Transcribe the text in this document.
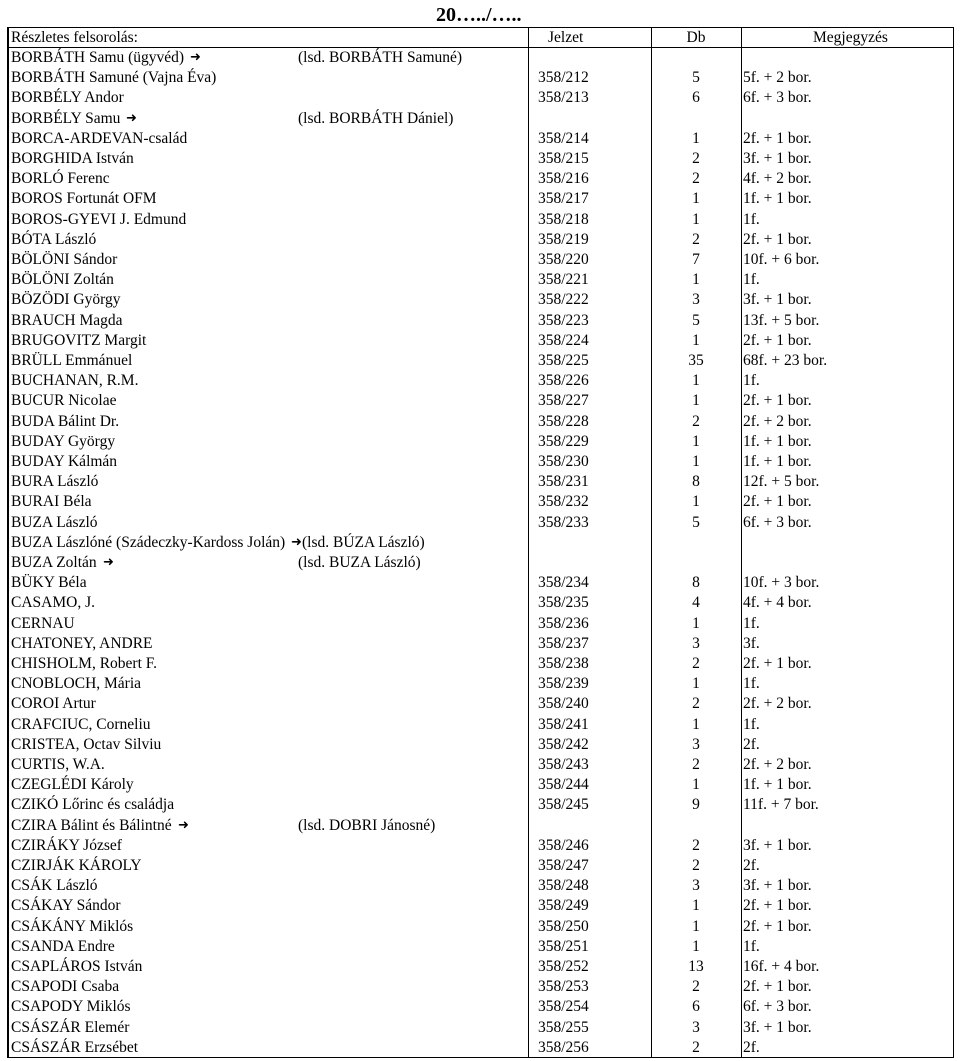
20…../…..
Részletes felsorolás:	Jelzet	Db	Megjegyzés
BORBÁTH Samu (ügyvéd) ➜	(lsd. BORBÁTH Samuné)
BORBÁTH Samuné (Vajna Éva)	358/212	5	5f. + 2 bor.
BORBÉLY Andor	358/213	6	6f. + 3 bor.
BORBÉLY Samu ➜	(lsd. BORBÁTH Dániel)
BORCA-ARDEVAN-család	358/214	1	2f. + 1 bor.
BORGHIDA István	358/215	2	3f. + 1 bor.
BORLÓ Ferenc	358/216	2	4f. + 2 bor.
BOROS Fortunát OFM	358/217	1	1f. + 1 bor.
BOROS-GYEVI J. Edmund	358/218	1	1f.
BÓTA László	358/219	2	2f. + 1 bor.
BÖLÖNI Sándor	358/220	7	10f. + 6 bor.
BÖLÖNI Zoltán	358/221	1	1f.
BÖZÖDI György	358/222	3	3f. + 1 bor.
BRAUCH Magda	358/223	5	13f. + 5 bor.
BRUGOVITZ Margit	358/224	1	2f. + 1 bor.
BRÜLL Emmánuel	358/225	35	68f. + 23 bor.
BUCHANAN, R.M.	358/226	1	1f.
BUCUR Nicolae	358/227	1	2f. + 1 bor.
BUDA Bálint Dr.	358/228	2	2f. + 2 bor.
BUDAY György	358/229	1	1f. + 1 bor.
BUDAY Kálmán	358/230	1	1f. + 1 bor.
BURA László	358/231	8	12f. + 5 bor.
BURAI Béla	358/232	1	2f. + 1 bor.
BUZA László	358/233	5	6f. + 3 bor.
BUZA Lászlóné (Szádeczky-Kardoss Jolán) ➜ (lsd. BÚZA László)
BUZA Zoltán ➜	(lsd. BUZA László)
BÜKY Béla	358/234	8	10f. + 3 bor.
CASAMO, J.	358/235	4	4f. + 4 bor.
CERNAU	358/236	1	1f.
CHATONEY, ANDRE	358/237	3	3f.
CHISHOLM, Robert F.	358/238	2	2f. + 1 bor.
CNOBLOCH, Mária	358/239	1	1f.
COROI Artur	358/240	2	2f. + 2 bor.
CRAFCIUC, Corneliu	358/241	1	1f.
CRISTEA, Octav Silviu	358/242	3	2f.
CURTIS, W.A.	358/243	2	2f. + 2 bor.
CZEGLÉDI Károly	358/244	1	1f. + 1 bor.
CZIKÓ Lőrinc és családja	358/245	9	11f. + 7 bor.
CZIRA Bálint és Bálintné ➜	(lsd. DOBRI Jánosné)
CZIRÁKY József	358/246	2	3f. + 1 bor.
CZIRJÁK KÁROLY	358/247	2	2f.
CSÁK László	358/248	3	3f. + 1 bor.
CSÁKAY Sándor	358/249	1	2f. + 1 bor.
CSÁKÁNY Miklós	358/250	1	2f. + 1 bor.
CSANDA Endre	358/251	1	1f.
CSAPLÁROS István	358/252	13	16f. + 4 bor.
CSAPODI Csaba	358/253	2	2f. + 1 bor.
CSAPODY Miklós	358/254	6	6f. + 3 bor.
CSÁSZÁR Elemér	358/255	3	3f. + 1 bor.
CSÁSZÁR Erzsébet	358/256	2	2f.
